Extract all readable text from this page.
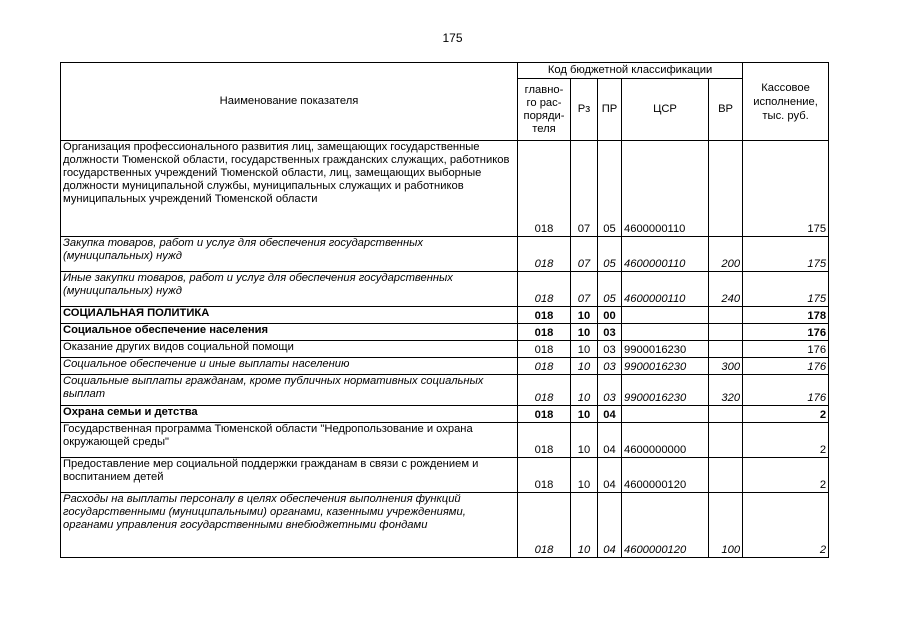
175
Наименование показателя	Код бюджетной классификации					Кассовое исполнение, тыс. руб.
	главно-го рас-поряди-теля	Рз	ПР	ЦСР	ВР	
Организация профессионального развития лиц, замещающих государственные должности Тюменской области, государственных гражданских служащих, работников государственных учреждений Тюменской области, лиц, замещающих выборные должности муниципальной службы, муниципальных служащих и работников муниципальных учреждений Тюменской области	018	07	05	4600000110		175
Закупка товаров, работ и услуг для обеспечения государственных (муниципальных) нужд	018	07	05	4600000110	200	175
Иные закупки товаров, работ и услуг для обеспечения государственных (муниципальных) нужд	018	07	05	4600000110	240	175
СОЦИАЛЬНАЯ ПОЛИТИКА	018	10	00			178
Социальное обеспечение населения	018	10	03			176
Оказание других видов социальной помощи	018	10	03	9900016230		176
Социальное обеспечение и иные выплаты населению	018	10	03	9900016230	300	176
Социальные выплаты гражданам, кроме публичных нормативных социальных выплат	018	10	03	9900016230	320	176
Охрана семьи и детства	018	10	04			2
Государственная программа Тюменской области "Недропользование и охрана окружающей среды"	018	10	04	4600000000		2
Предоставление мер социальной поддержки гражданам в связи с рождением и воспитанием детей	018	10	04	4600000120		2
Расходы на выплаты персоналу в целях обеспечения выполнения функций государственными (муниципальными) органами, казенными учреждениями, органами управления государственными внебюджетными фондами	018	10	04	4600000120	100	2
